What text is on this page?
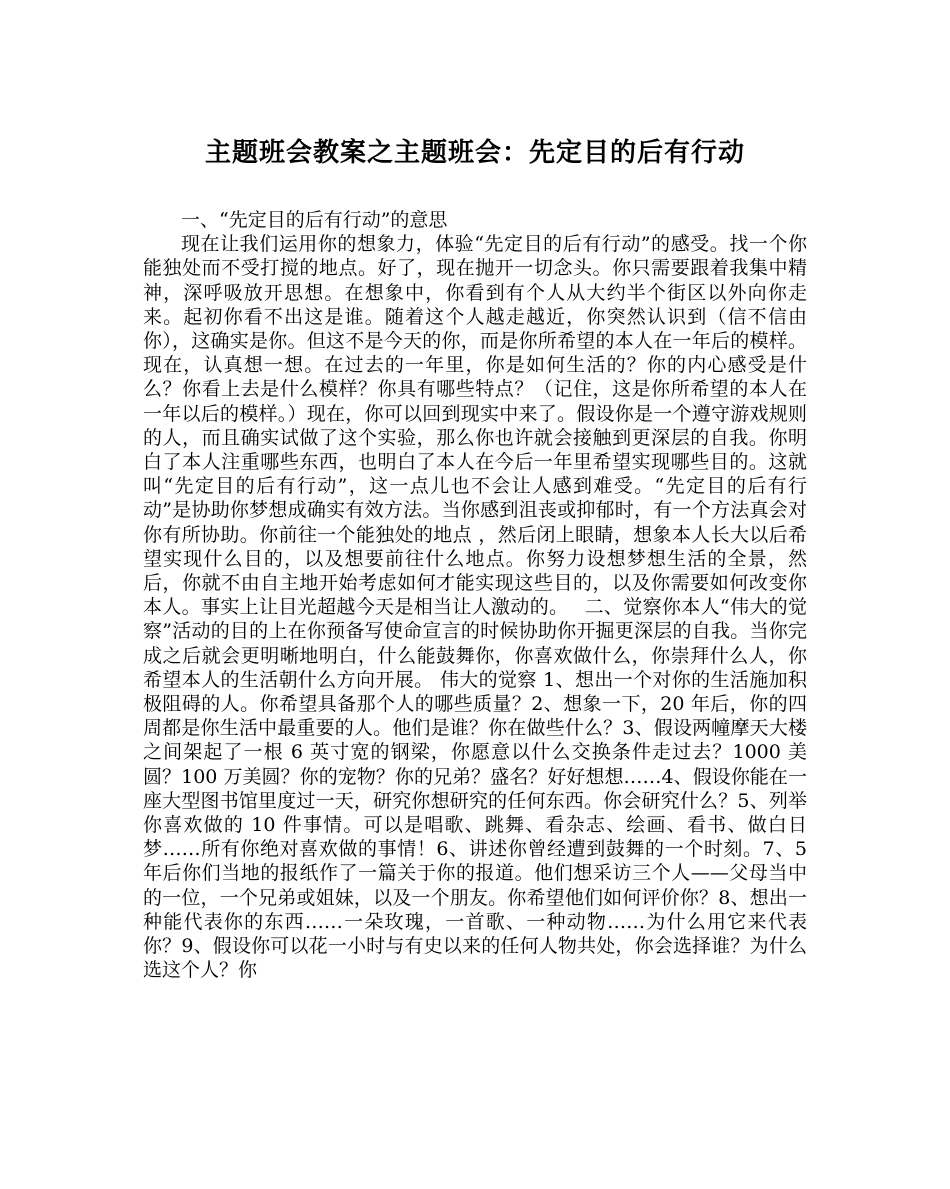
主题班会教案之主题班会：先定目的后有行动

一、“先定目的后有行动”的意思

现在让我们运用你的想象力，体验“先定目的后有行动”的感受。找一个你能独处而不受打搅的地点。好了，现在抛开一切念头。你只需要跟着我集中精神，深呼吸放开思想。在想象中，你看到有个人从大约半个街区以外向你走来。起初你看不出这是谁。随着这个人越走越近，你突然认识到（信不信由你），这确实是你。但这不是今天的你，而是你所希望的本人在一年后的模样。现在，认真想一想。在过去的一年里，你是如何生活的？你的内心感受是什么？你看上去是什么模样？你具有哪些特点？（记住，这是你所希望的本人在一年以后的模样。）现在，你可以回到现实中来了。假设你是一个遵守游戏规则的人，而且确实试做了这个实验，那么你也许就会接触到更深层的自我。你明白了本人注重哪些东西，也明白了本人在今后一年里希望实现哪些目的。这就叫“先定目的后有行动”，这一点儿也不会让人感到难受。“先定目的后有行动”是协助你梦想成确实有效方法。当你感到沮丧或抑郁时，有一个方法真会对你有所协助。你前往一个能独处的地点 ，然后闭上眼睛，想象本人长大以后希望实现什么目的，以及想要前往什么地点。你努力设想梦想生活的全景，然后，你就不由自主地开始考虑如何才能实现这些目的，以及你需要如何改变你本人。事实上让目光超越今天是相当让人激动的。　 二、觉察你本人“伟大的觉察”活动的目的上在你预备写使命宣言的时候协助你开掘更深层的自我。当你完成之后就会更明晰地明白，什么能鼓舞你，你喜欢做什么，你崇拜什么人，你希望本人的生活朝什么方向开展。 伟大的觉察 1、想出一个对你的生活施加积极阻碍的人。你希望具备那个人的哪些质量？2、想象一下，20 年后，你的四周都是你生活中最重要的人。他们是谁？你在做些什么？3、假设两幢摩天大楼之间架起了一根 6 英寸宽的钢梁，你愿意以什么交换条件走过去？1000 美圆？100 万美圆？你的宠物？你的兄弟？盛名？好好想想……4、假设你能在一座大型图书馆里度过一天，研究你想研究的任何东西。你会研究什么？5、列举你喜欢做的 10 件事情。可以是唱歌、跳舞、看杂志、绘画、看书、做白日梦……所有你绝对喜欢做的事情！6、讲述你曾经遭到鼓舞的一个时刻。7、5 年后你们当地的报纸作了一篇关于你的报道。他们想采访三个人——父母当中的一位，一个兄弟或姐妹，以及一个朋友。你希望他们如何评价你？8、想出一种能代表你的东西……一朵玫瑰，一首歌、一种动物……为什么用它来代表你？9、假设你可以花一小时与有史以来的任何人物共处，你会选择谁？为什么选这个人？你
